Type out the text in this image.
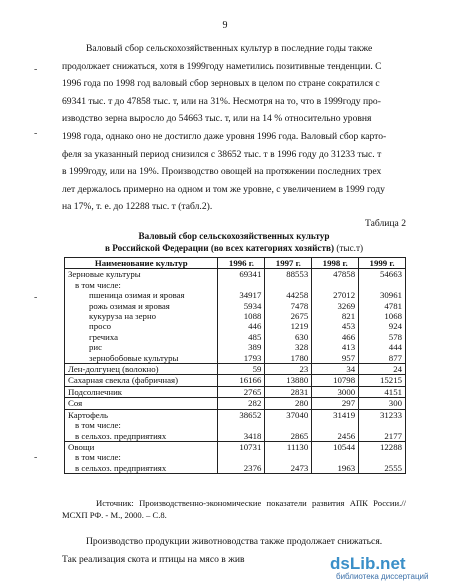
9
-
-
-
-
Валовый сбор сельскохозяйственных культур в последние годы также
продолжает снижаться, хотя в 1999году наметились позитивные тенденции. С
1996 года по 1998 год валовый сбор зерновых в целом по стране сократился с
69341 тыс. т до 47858 тыс. т, или на 31%. Несмотря на то, что в 1999году про-
изводство зерна выросло до 54663 тыс. т, или на 14 % относительно уровня
1998 года, однако оно не достигло даже уровня 1996 года. Валовый сбор карто-
феля за указанный период снизился с 38652 тыс. т в 1996 году до 31233 тыс. т
в 1999году, или на 19%. Производство овощей на протяжении последних трех
лет держалось примерно на одном и том же уровне, с увеличением в 1999 году
на 17%, т. е. до 12288 тыс. т (табл.2).
Таблица 2
Валовый сбор сельскохозяйственных культур
в Российской Федерации (во всех категориях хозяйств) (тыс.т)
Наименование культур	1996 г.	1997 г.	1998 г.	1999 г.
Зерновые культуры	69341	88553	47858	54663
в том числе:				
пшеница озимая и яровая	34917	44258	27012	30961
рожь озимая и яровая	5934	7478	3269	4781
кукуруза на зерно	1088	2675	821	1068
просо	446	1219	453	924
гречиха	485	630	466	578
рис	389	328	413	444
зернобобовые культуры	1793	1780	957	877
Лен-долгунец (волокно)	59	23	34	24
Сахарная свекла (фабричная)	16166	13880	10798	15215
Подсолнечник	2765	2831	3000	4151
Соя	282	280	297	300
Картофель	38652	37040	31419	31233
в том числе:				
в сельхоз. предприятиях	3418	2865	2456	2177
Овощи	10731	11130	10544	12288
в том числе:				
в сельхоз. предприятиях	2376	2473	1963	2555
Источник: Производственно-экономические показатели развития АПК России.// МСХП РФ. - М., 2000. – С.8.
Производство продукции животноводства также продолжает снижаться.
Так реализация скота и птицы на мясо в жив	dsLib.net
библиотека диссертаций
